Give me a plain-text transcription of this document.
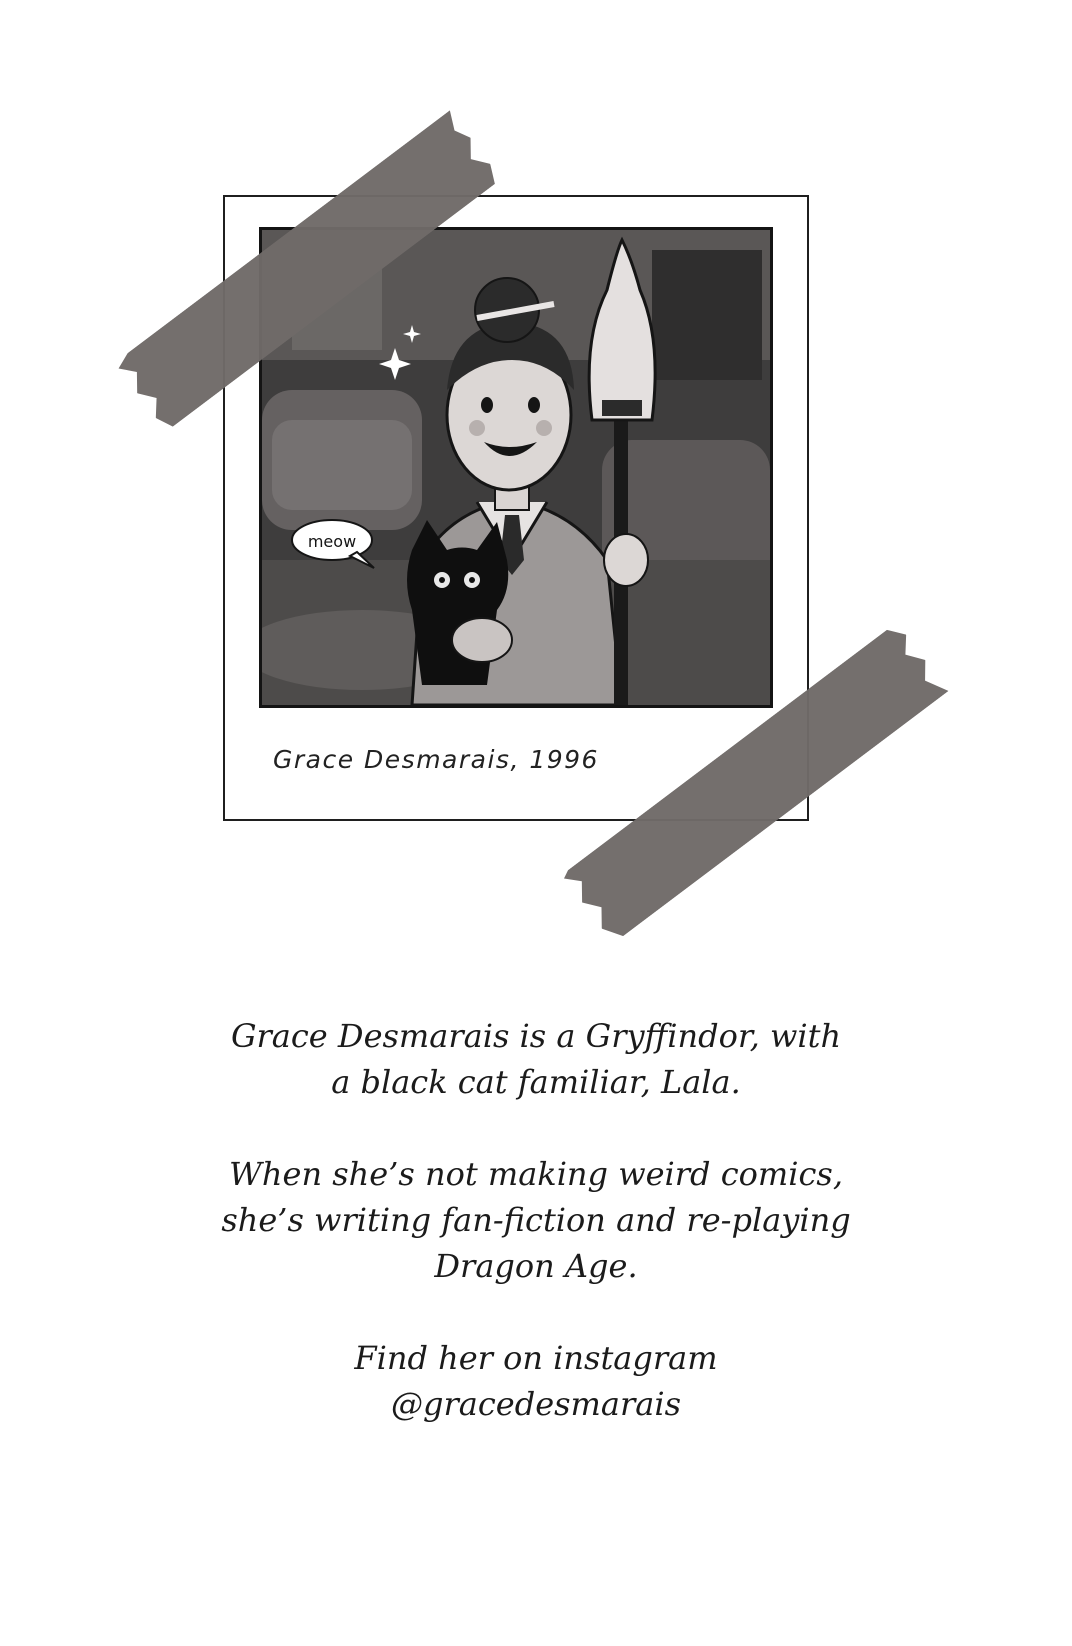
meow
Grace Desmarais, 1996

Grace Desmarais is a Gryffindor, with
a black cat familiar, Lala.

When she’s not making weird comics,
she’s writing fan-fiction and re-playing
Dragon Age.

Find her on instagram
@gracedesmarais
